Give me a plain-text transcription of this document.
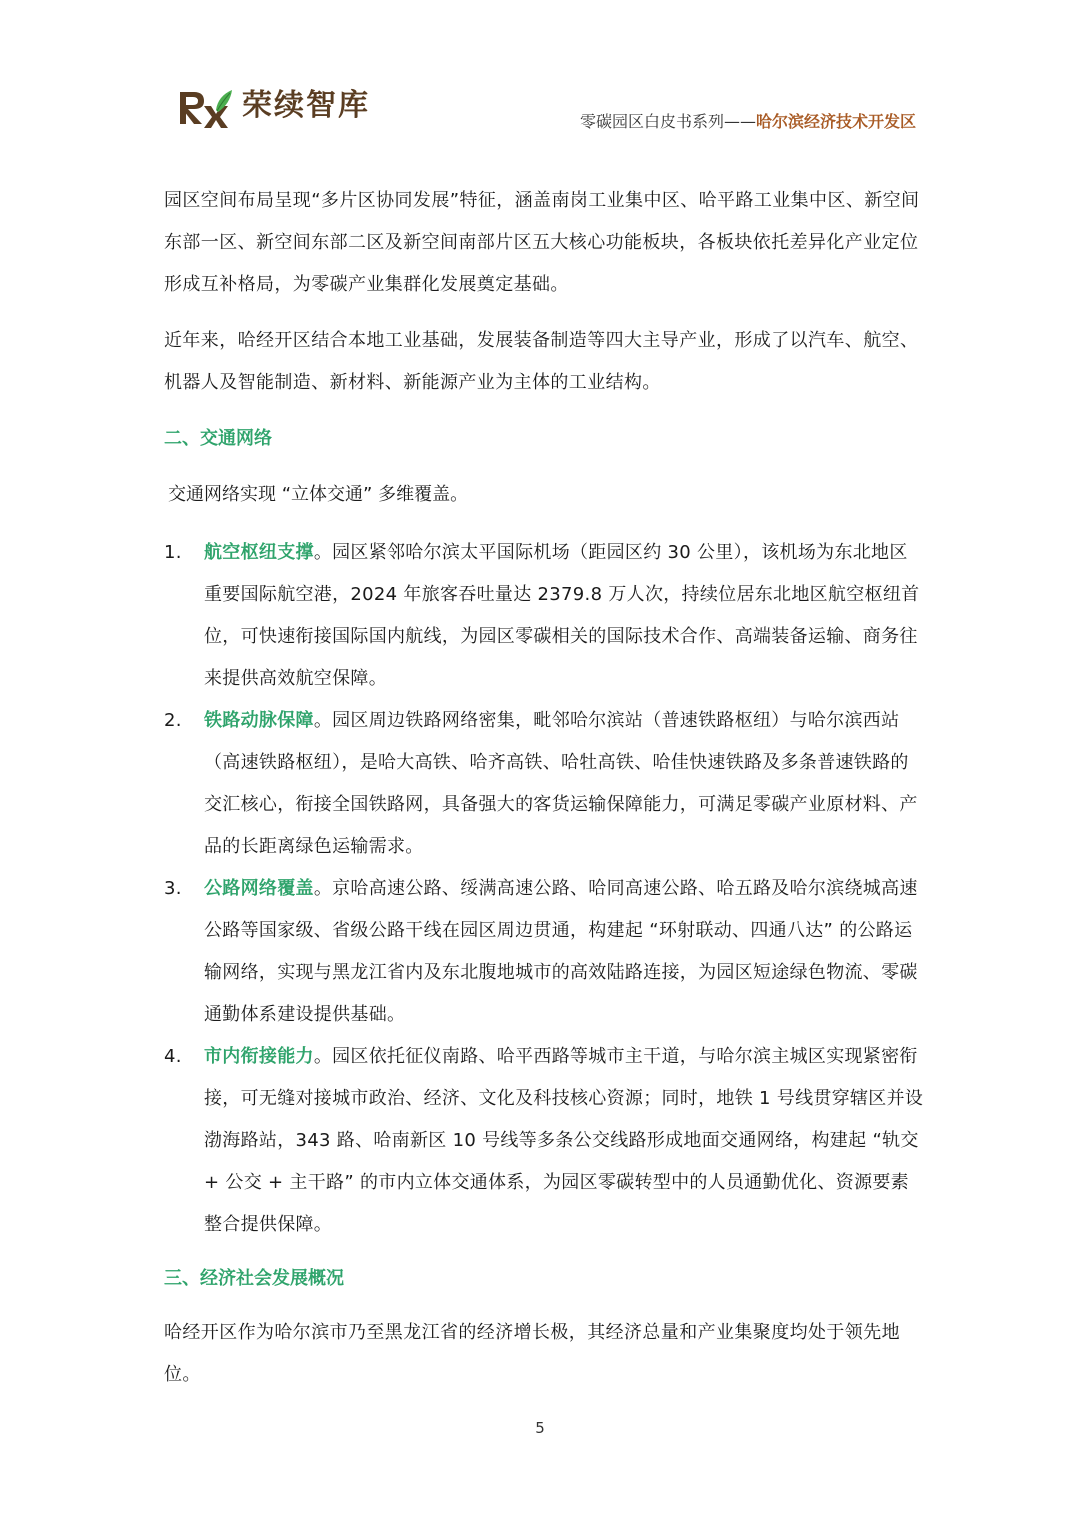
荣续智库	零碳园区白皮书系列——哈尔滨经济技术开发区

园区空间布局呈现“多片区协同发展”特征，涵盖南岗工业集中区、哈平路工业集中区、新空间东部一区、新空间东部二区及新空间南部片区五大核心功能板块，各板块依托差异化产业定位形成互补格局，为零碳产业集群化发展奠定基础。

近年来，哈经开区结合本地工业基础，发展装备制造等四大主导产业，形成了以汽车、航空、机器人及智能制造、新材料、新能源产业为主体的工业结构。

二、交通网络
交通网络实现 “立体交通” 多维覆盖。
1.	航空枢纽支撑。园区紧邻哈尔滨太平国际机场（距园区约 30 公里），该机场为东北地区重要国际航空港，2024 年旅客吞吐量达 2379.8 万人次，持续位居东北地区航空枢纽首位，可快速衔接国际国内航线，为园区零碳相关的国际技术合作、高端装备运输、商务往来提供高效航空保障。
2.	铁路动脉保障。园区周边铁路网络密集，毗邻哈尔滨站（普速铁路枢纽）与哈尔滨西站（高速铁路枢纽），是哈大高铁、哈齐高铁、哈牡高铁、哈佳快速铁路及多条普速铁路的交汇核心，衔接全国铁路网，具备强大的客货运输保障能力，可满足零碳产业原材料、产品的长距离绿色运输需求。
3.	公路网络覆盖。京哈高速公路、绥满高速公路、哈同高速公路、哈五路及哈尔滨绕城高速公路等国家级、省级公路干线在园区周边贯通，构建起 “环射联动、四通八达” 的公路运输网络，实现与黑龙江省内及东北腹地城市的高效陆路连接，为园区短途绿色物流、零碳通勤体系建设提供基础。
4.	市内衔接能力。园区依托征仪南路、哈平西路等城市主干道，与哈尔滨主城区实现紧密衔接，可无缝对接城市政治、经济、文化及科技核心资源；同时，地铁 1 号线贯穿辖区并设渤海路站，343 路、哈南新区 10 号线等多条公交线路形成地面交通网络，构建起 “轨交 + 公交 + 主干路” 的市内立体交通体系，为园区零碳转型中的人员通勤优化、资源要素整合提供保障。
三、经济社会发展概况

哈经开区作为哈尔滨市乃至黑龙江省的经济增长极，其经济总量和产业集聚度均处于领先地位。

5
